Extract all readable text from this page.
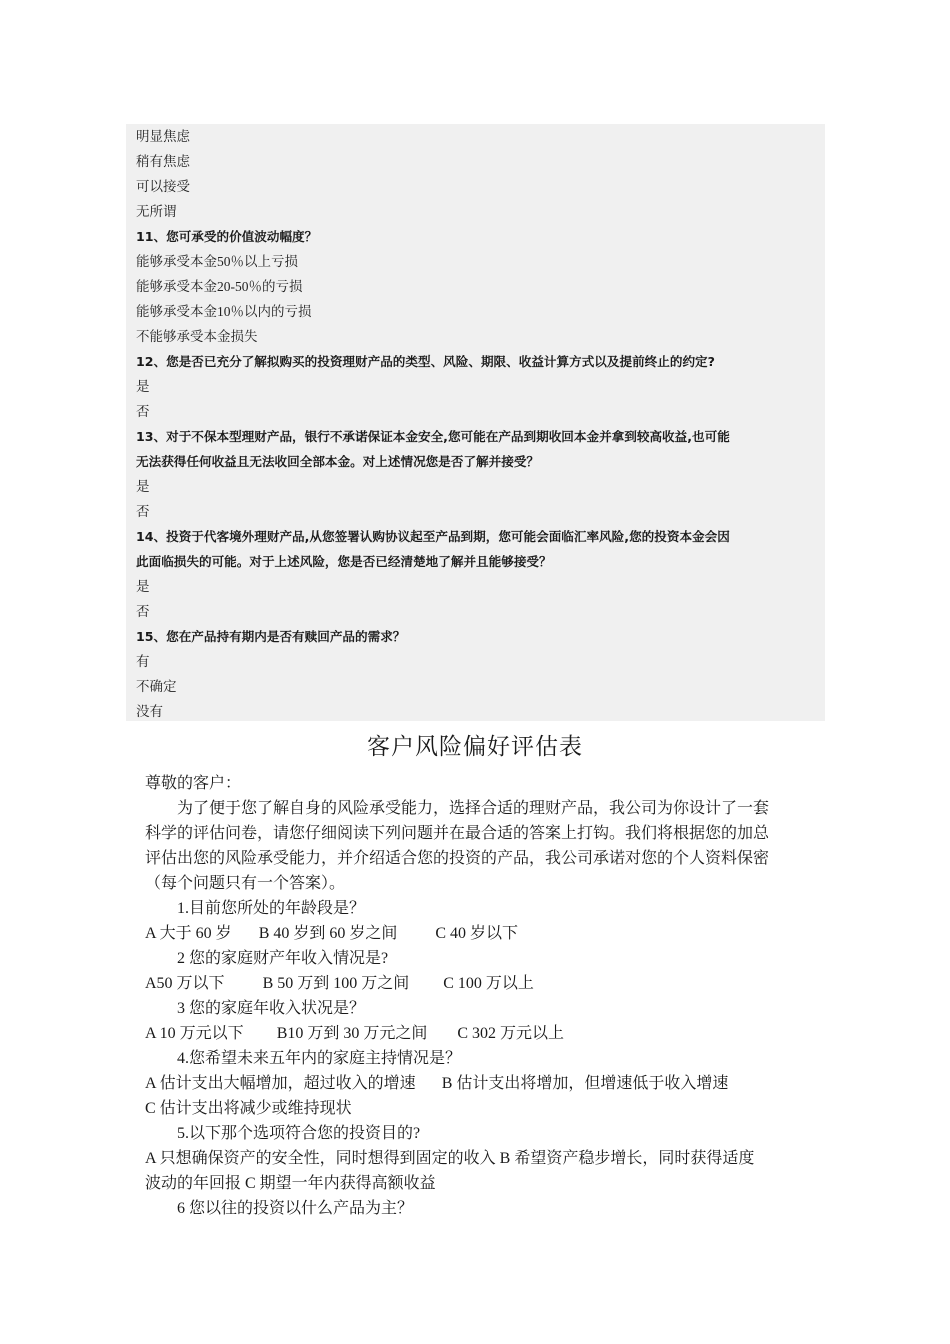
明显焦虑
稍有焦虑
可以接受
无所谓
11、您可承受的价值波动幅度？
能够承受本金50％以上亏损
能够承受本金20-50％的亏损
能够承受本金10％以内的亏损
不能够承受本金损失
12、您是否已充分了解拟购买的投资理财产品的类型、风险、期限、收益计算方式以及提前终止的约定?
是
否
13、对于不保本型理财产品，银行不承诺保证本金安全,您可能在产品到期收回本金并拿到较高收益,也可能
无法获得任何收益且无法收回全部本金。对上述情况您是否了解并接受？
是
否
14、投资于代客境外理财产品,从您签署认购协议起至产品到期，您可能会面临汇率风险,您的投资本金会因
此面临损失的可能。对于上述风险，您是否已经清楚地了解并且能够接受？
是
否
15、您在产品持有期内是否有赎回产品的需求？
有
不确定
没有
客户风险偏好评估表
尊敬的客户：
为了便于您了解自身的风险承受能力，选择合适的理财产品，我公司为你设计了一套
科学的评估问卷，请您仔细阅读下列问题并在最合适的答案上打钩。我们将根据您的加总
评估出您的风险承受能力，并介绍适合您的投资的产品，我公司承诺对您的个人资料保密
（每个问题只有一个答案）。
1.目前您所处的年龄段是？
A 大于 60 岁 B 40 岁到 60 岁之间 C 40 岁以下
2 您的家庭财产年收入情况是?
A50 万以下 B 50 万到 100 万之间 C 100 万以上
3 您的家庭年收入状况是？
A 10 万元以下 B10 万到 30 万元之间 C 302 万元以上
4.您希望未来五年内的家庭主持情况是？
A 估计支出大幅增加，超过收入的增速 B 估计支出将增加，但增速低于收入增速
C 估计支出将减少或维持现状
5.以下那个选项符合您的投资目的?
A 只想确保资产的安全性，同时想得到固定的收入 B 希望资产稳步增长，同时获得适度
波动的年回报 C 期望一年内获得高额收益
6 您以往的投资以什么产品为主？
